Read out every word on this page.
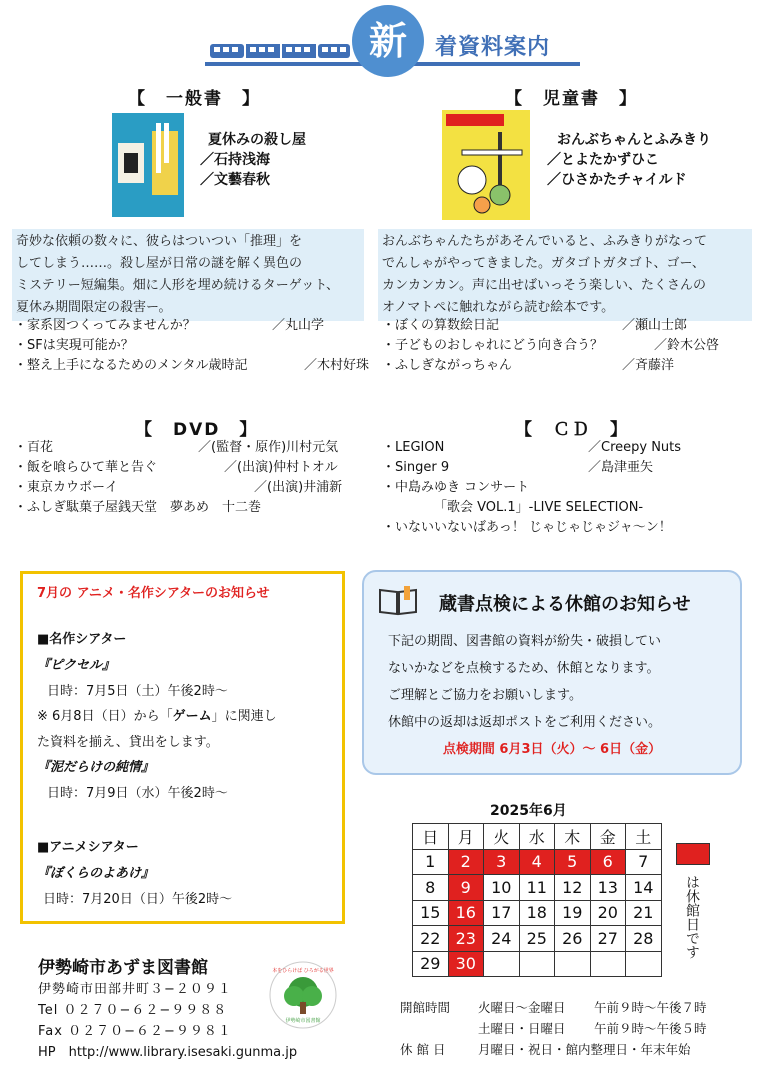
新	着資料案内
【　一般書　】
夏休みの殺し屋
／石持浅海
／文藝春秋
奇妙な依頼の数々に、彼らはついつい「推理」を
してしまう……。殺し屋が日常の謎を解く異色の
ミステリー短編集。畑に人形を埋め続けるターゲット、
夏休み期間限定の殺害ー。
・家系図つくってみませんか？	／丸山学
・SFは実現可能か？
・整え上手になるためのメンタル歳時記	／木村好珠
【　児童書　】
おんぶちゃんとふみきり
／とよたかずひこ
／ひさかたチャイルド
おんぶちゃんたちがあそんでいると、ふみきりがなって
でんしゃがやってきました。ガタゴトガタゴト、ゴー、
カンカンカン。声に出せばいっそう楽しい、たくさんの
オノマトペに触れながら読む絵本です。
・ぼくの算数絵日記	／瀬山士郎
・子どものおしゃれにどう向き合う？	／鈴木公啓
・ふしぎながっちゃん	／斉藤洋
【　DVD　】
・百花	／(監督・原作)川村元気
・飯を喰らひて華と告ぐ	／(出演)仲村トオル
・東京カウボーイ	／(出演)井浦新
・ふしぎ駄菓子屋銭天堂　夢あめ　十二巻
【　ＣＤ　】
・LEGION	／Creepy Nuts
・Singer 9	／島津亜矢
・中島みゆき コンサート
「歌会 VOL.1」-LIVE SELECTION-
・いないいないばあっ！ じゃじゃじゃジャ〜ン！
7月の アニメ・名作シアターのお知らせ
■名作シアター
『ピクセル』
日時：7月5日（土）午後2時〜
※ 6月8日（日）から「ゲーム」に関連し
た資料を揃え、貸出をします。
『泥だらけの純情』
日時：7月9日（水）午後2時〜
■アニメシアター
『ぼくらのよあけ』
日時：7月20日（日）午後2時〜
蔵書点検による休館のお知らせ
下記の期間、図書館の資料が紛失・破損してい
ないかなどを点検するため、休館となります。
ご理解とご協力をお願いします。
休館中の返却は返却ポストをご利用ください。
点検期間 6月3日（火）〜 6日（金）
2025年6月
日	月	火	水	木	金	土
1	2	3	4	5	6	7
8	9	10	11	12	13	14
15	16	17	18	19	20	21
22	23	24	25	26	27	28
29	30					
は休館日です
伊勢崎市あずま図書館
伊勢崎市田部井町３−２０９１
Tel ０２７０−６２−９９８８
Fax ０２７０−６２−９９８１
HP　http://www.library.isesaki.gunma.jp
本をひらけば ひろがる世界
伊勢崎市図書館
開館時間 火曜日〜金曜日 午前９時〜午後７時
土曜日・日曜日 午前９時〜午後５時
休 館 日	月曜日・祝日・館内整理日・年末年始
